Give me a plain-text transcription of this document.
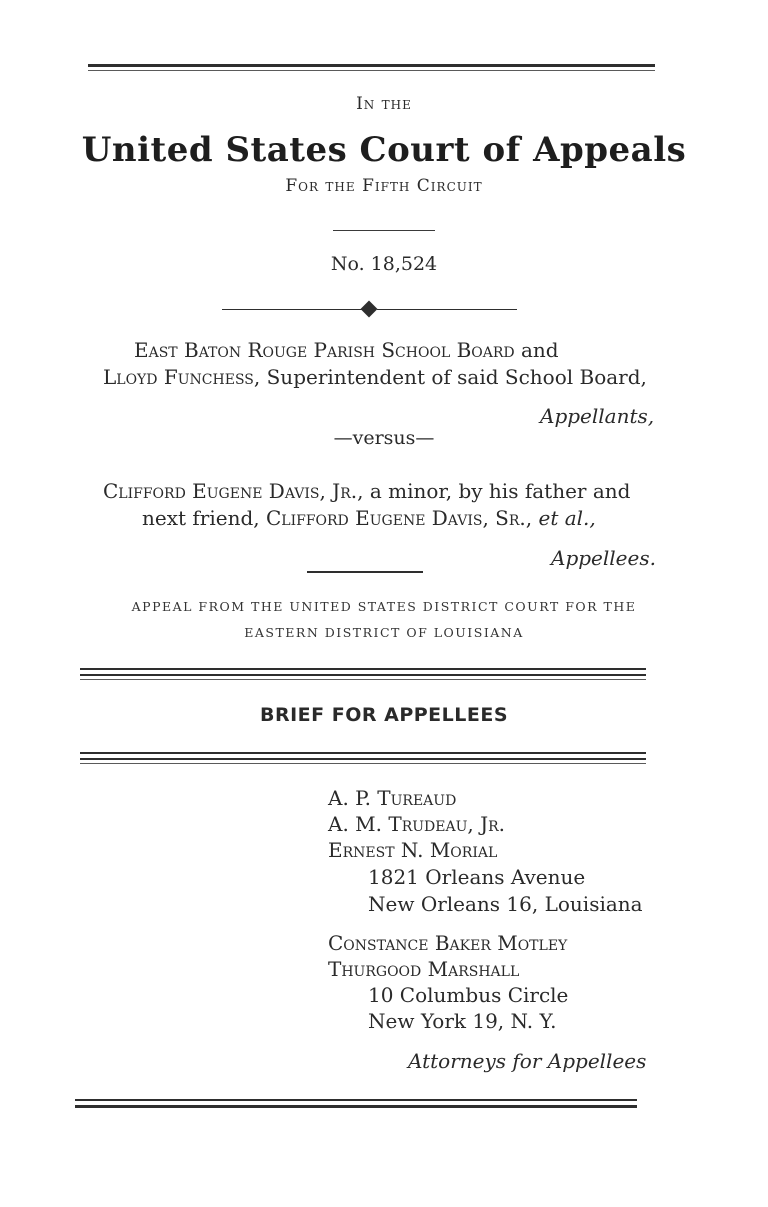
In the
United States Court of Appeals
For the Fifth Circuit
No. 18,524
East Baton Rouge Parish School Board and
Lloyd Funchess, Superintendent of said School Board,
Appellants,
—versus—
Clifford Eugene Davis, Jr., a minor, by his father and
next friend, Clifford Eugene Davis, Sr., et al.,
Appellees.
APPEAL FROM THE UNITED STATES DISTRICT COURT FOR THE
EASTERN DISTRICT OF LOUISIANA
BRIEF FOR APPELLEES
A. P. Tureaud
A. M. Trudeau, Jr.
Ernest N. Morial
1821 Orleans Avenue
New Orleans 16, Louisiana
Constance Baker Motley
Thurgood Marshall
10 Columbus Circle
New York 19, N. Y.
Attorneys for Appellees
